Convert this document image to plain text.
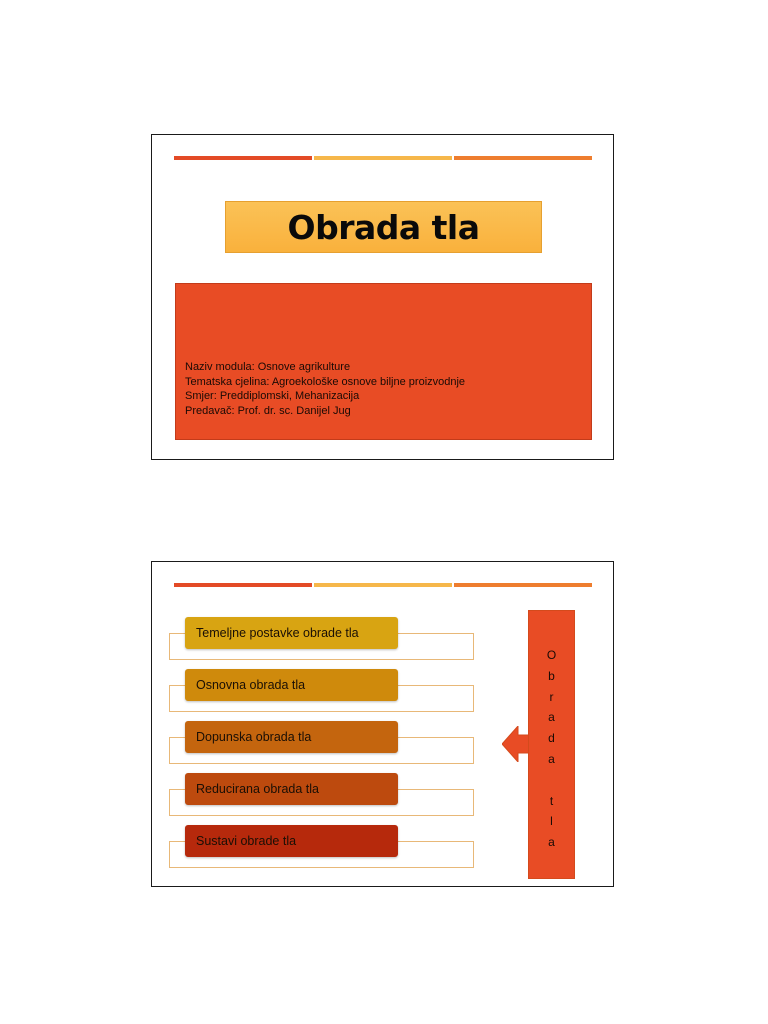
Obrada tla
Naziv modula: Osnove agrikulture
Tematska cjelina: Agroekološke osnove biljne proizvodnje
Smjer: Preddiplomski, Mehanizacija
Predavač: Prof. dr. sc. Danijel Jug
Temeljne postavke obrade tla
Osnovna obrada tla
Dopunska obrada tla
Reducirana obrada tla
Sustavi obrade tla
O
b
r
a
d
a
t
l
a
